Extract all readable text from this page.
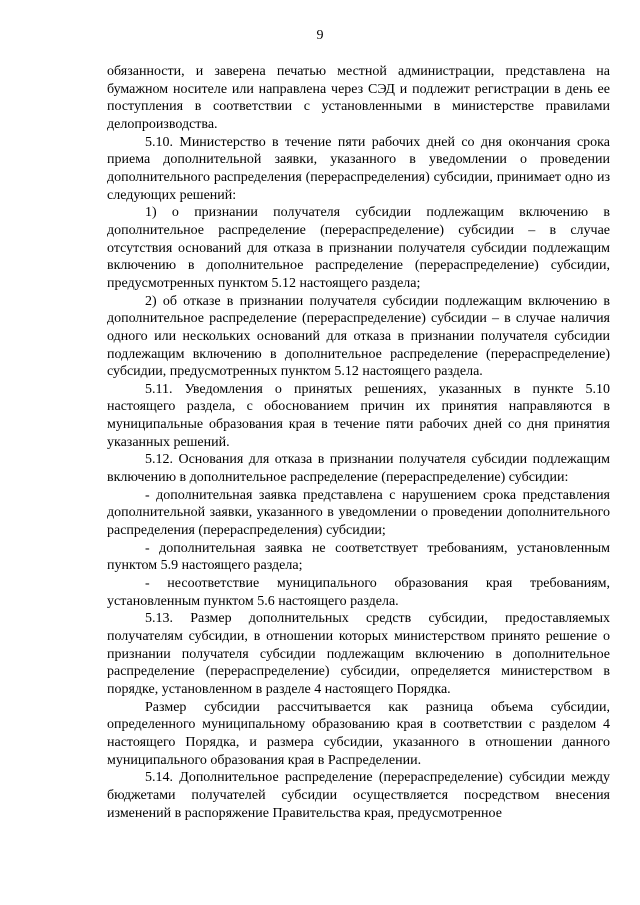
9

обязанности, и заверена печатью местной администрации, представлена на бумажном носителе или направлена через СЭД и подлежит регистрации в день ее поступления в соответствии с установленными в министерстве правилами делопроизводства.

5.10. Министерство в течение пяти рабочих дней со дня окончания срока приема дополнительной заявки, указанного в уведомлении о проведении дополнительного распределения (перераспределения) субсидии, принимает одно из следующих решений:

1) о признании получателя субсидии подлежащим включению в дополнительное распределение (перераспределение) субсидии – в случае отсутствия оснований для отказа в признании получателя субсидии подлежащим включению в дополнительное распределение (перераспределение) субсидии, предусмотренных пунктом 5.12 настоящего раздела;

2) об отказе в признании получателя субсидии подлежащим включению в дополнительное распределение (перераспределение) субсидии – в случае наличия одного или нескольких оснований для отказа в признании получателя субсидии подлежащим включению в дополнительное распределение (перераспределение) субсидии, предусмотренных пунктом 5.12 настоящего раздела.

5.11. Уведомления о принятых решениях, указанных в пункте 5.10 настоящего раздела, с обоснованием причин их принятия направляются в муниципальные образования края в течение пяти рабочих дней со дня принятия указанных решений.

5.12. Основания для отказа в признании получателя субсидии подлежащим включению в дополнительное распределение (перераспределение) субсидии:

- дополнительная заявка представлена с нарушением срока представления дополнительной заявки, указанного в уведомлении о проведении дополнительного распределения (перераспределения) субсидии;

- дополнительная заявка не соответствует требованиям, установленным пунктом 5.9 настоящего раздела;

- несоответствие муниципального образования края требованиям, установленным пунктом 5.6 настоящего раздела.

5.13. Размер дополнительных средств субсидии, предоставляемых получателям субсидии, в отношении которых министерством принято решение о признании получателя субсидии подлежащим включению в дополнительное распределение (перераспределение) субсидии, определяется министерством в порядке, установленном в разделе 4 настоящего Порядка.

Размер субсидии рассчитывается как разница объема субсидии, определенного муниципальному образованию края в соответствии с разделом 4 настоящего Порядка, и размера субсидии, указанного в отношении данного муниципального образования края в Распределении.

5.14. Дополнительное распределение (перераспределение) субсидии между бюджетами получателей субсидии осуществляется посредством внесения изменений в распоряжение Правительства края, предусмотренное
